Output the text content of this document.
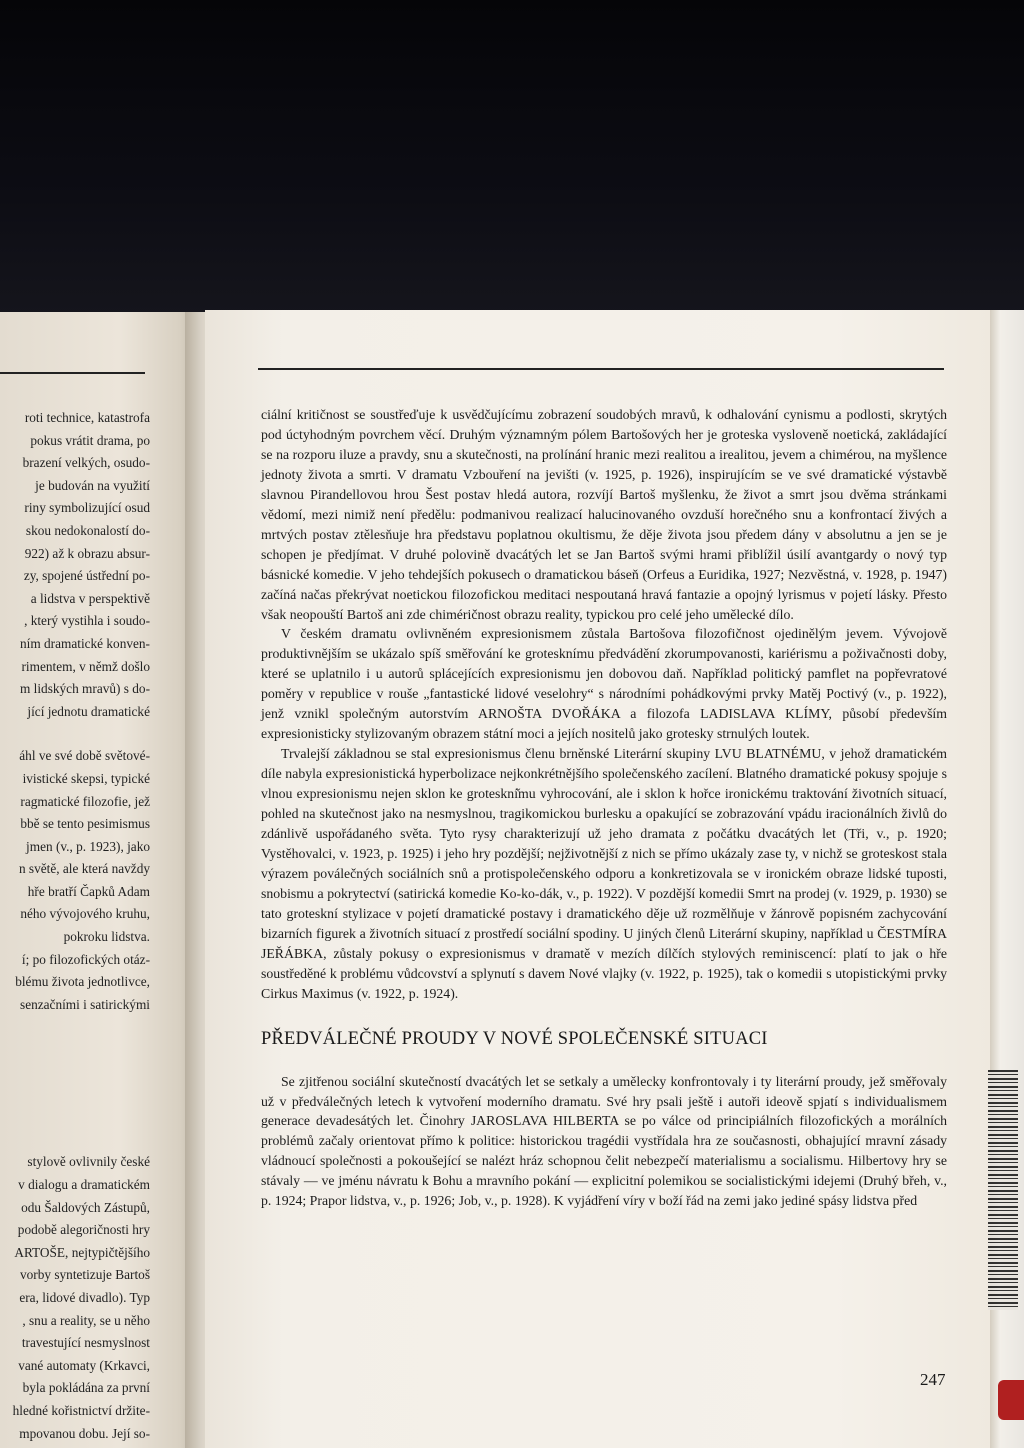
roti technice, katastrofa
pokus vrátit drama, po
brazení velkých, osudo-
je budován na využití
riny symbolizující osud
skou nedokonalostí do-
922) až k obrazu absur-
zy, spojené ústřední po-
a lidstva v perspektivě
, který vystihla i soudo-
ním dramatické konven-
rimentem, v němž došlo
m lidských mravů) s do-
jící jednotu dramatické
áhl ve své době světové-
ivistické skepsi, typické
ragmatické filozofie, jež
bbě se tento pesimismus
jmen (v., p. 1923), jako
n světě, ale která navždy
hře bratří Čapků Adam
ného vývojového kruhu,
pokroku lidstva.
í; po filozofických otáz-
blému života jednotlivce,
senzačními i satirickými
stylově ovlivnily české
v dialogu a dramatickém
odu Šaldových Zástupů,
podobě alegoričnosti hry
ARTOŠE, nejtypičtějšího
vorby syntetizuje Bartoš
era, lidové divadlo). Typ
, snu a reality, se u něho
travestující nesmyslnost
vané automaty (Krkavci,
byla pokládána za první
hledné kořistnictví držite-
mpovanou dobu. Její so-

ciální kritičnost se soustřeďuje k usvědčujícímu zobrazení soudobých mravů, k odhalování cynismu a podlosti, skrytých pod úctyhodným povrchem věcí. Druhým významným pólem Bartošových her je groteska vysloveně noetická, zakládající se na rozporu iluze a pravdy, snu a skutečnosti, na prolínání hranic mezi realitou a irealitou, jevem a chimérou, na myšlence jednoty života a smrti. V dramatu Vzbouření na jevišti (v. 1925, p. 1926), inspirujícím se ve své dramatické výstavbě slavnou Pirandellovou hrou Šest postav hledá autora, rozvíjí Bartoš myšlenku, že život a smrt jsou dvěma stránkami vědomí, mezi nimiž není předělu: podmanivou realizací halucinovaného ovzduší horečného snu a konfrontací živých a mrtvých postav ztělesňuje hra představu poplatnou okultismu, že děje života jsou předem dány v absolutnu a jen se je schopen je předjímat. V druhé polovině dvacátých let se Jan Bartoš svými hrami přiblížil úsilí avantgardy o nový typ básnické komedie. V jeho tehdejších pokusech o dramatickou báseň (Orfeus a Euridika, 1927; Nezvěstná, v. 1928, p. 1947) začíná načas překrývat noetickou filozofickou meditaci nespoutaná hravá fantazie a opojný lyrismus v pojetí lásky. Přesto však neopouští Bartoš ani zde chiméričnost obrazu reality, typickou pro celé jeho umělecké dílo.

V českém dramatu ovlivněném expresionismem zůstala Bartošova filozofičnost ojedinělým jevem. Vývojově produktivnějším se ukázalo spíš směřování ke grotesknímu předvádění zkorumpovanosti, kariérismu a poživačnosti doby, které se uplatnilo i u autorů splácejících expresionismu jen dobovou daň. Například politický pamflet na popřevratové poměry v republice v rouše „fantastické lidové veselohry“ s národními pohádkovými prvky Matěj Poctivý (v., p. 1922), jenž vznikl společným autorstvím ARNOŠTA DVOŘÁKA a filozofa LADISLAVA KLÍMY, působí především expresionisticky stylizovaným obrazem státní moci a jejích nositelů jako grotesky strnulých loutek.

Trvalejší základnou se stal expresionismus členu brněnské Literární skupiny LVU BLATNÉMU, v jehož dramatickém díle nabyla expresionistická hyperbolizace nejkonkrétnějšího společenského zacílení. Blatného dramatické pokusy spojuje s vlnou expresionismu nejen sklon ke groteskní̌mu vyhrocování, ale i sklon k hořce ironickému traktování životních situací, pohled na skutečnost jako na nesmyslnou, tragikomickou burlesku a opakující se zobrazování vpádu iracionálních živlů do zdánlivě uspořádaného světa. Tyto rysy charakterizují už jeho dramata z počátku dvacátých let (Tři, v., p. 1920; Vystěhovalci, v. 1923, p. 1925) i jeho hry pozdější; nejživotnější z nich se přímo ukázaly zase ty, v nichž se groteskost stala výrazem poválečných sociálních snů a protispolečenského odporu a konkretizovala se v ironickém obraze lidské tuposti, snobismu a pokrytectví (satirická komedie Ko-ko-dák, v., p. 1922). V pozdější komedii Smrt na prodej (v. 1929, p. 1930) se tato groteskní stylizace v pojetí dramatické postavy i dramatického děje už rozmělňuje v žánrově popisném zachycování bizarních figurek a životních situací z prostředí sociální spodiny. U jiných členů Literární skupiny, například u ČESTMÍRA JEŘÁBKA, zůstaly pokusy o expresionismus v dramatě v mezích dílčích stylových reminiscencí: platí to jak o hře soustředěné k problému vůdcovství a splynutí s davem Nové vlajky (v. 1922, p. 1925), tak o komedii s utopistickými prvky Cirkus Maximus (v. 1922, p. 1924).

PŘEDVÁLEČNÉ PROUDY V NOVÉ SPOLEČENSKÉ SITUACI

Se zjitřenou sociální skutečností dvacátých let se setkaly a umělecky konfrontovaly i ty literární proudy, jež směřovaly už v předválečných letech k vytvoření moderního dramatu. Své hry psali ještě i autoři ideově spjatí s individualismem generace devadesátých let. Činohry JAROSLAVA HILBERTA se po válce od principiálních filozofických a morálních problémů začaly orientovat přímo k politice: historickou tragédii vystřídala hra ze současnosti, obhajující mravní zásady vládnoucí společnosti a pokoušející se nalézt hráz schopnou čelit nebezpečí materialismu a socialismu. Hilbertovy hry se stávaly — ve jménu návratu k Bohu a mravního pokání — explicitní polemikou se socialistickými idejemi (Druhý břeh, v., p. 1924; Prapor lidstva, v., p. 1926; Job, v., p. 1928). K vyjádření víry v boží řád na zemi jako jediné spásy lidstva před

247
